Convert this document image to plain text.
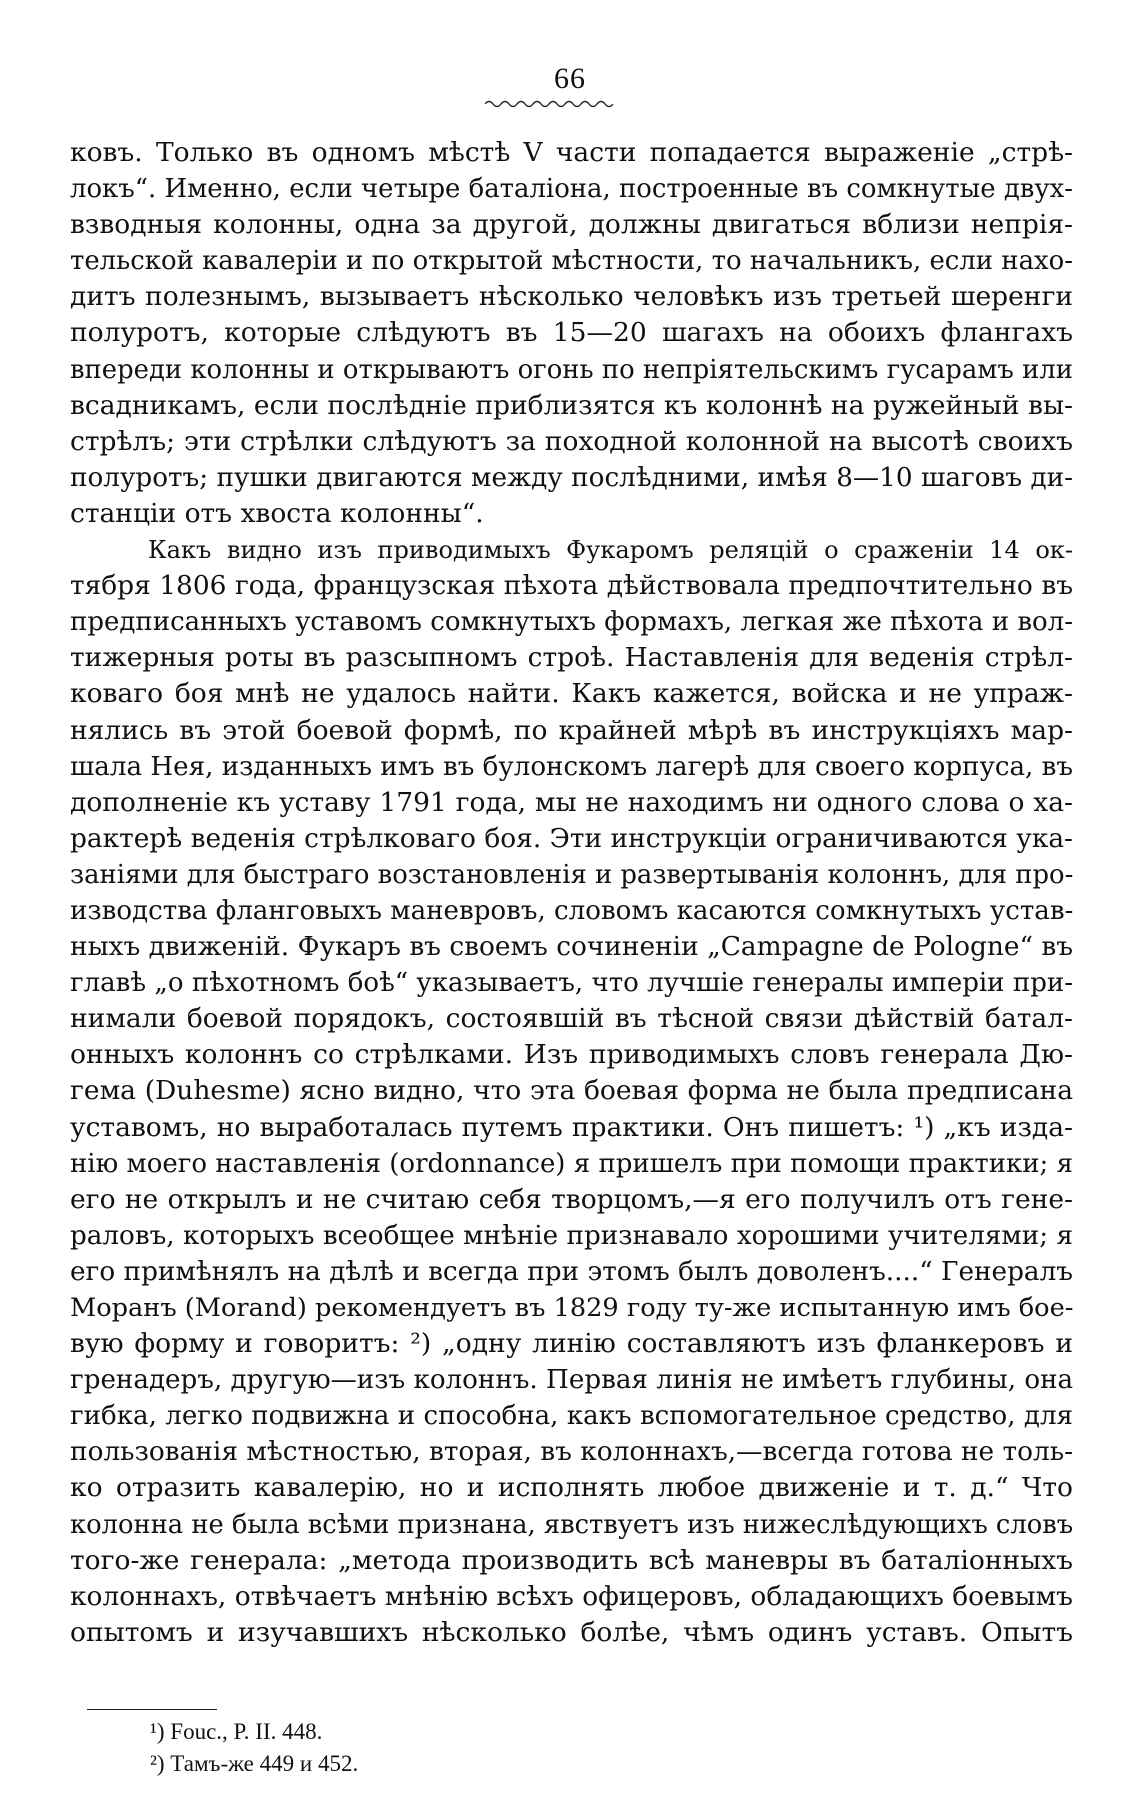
66
ковъ. Только въ одномъ мѣстѣ V части попадается выраженіе „стрѣ-
локъ“. Именно, если четыре баталіона, построенные въ сомкнутые двух-
взводныя колонны, одна за другой, должны двигаться вблизи непрія-
тельской кавалеріи и по открытой мѣстности, то начальникъ, если нахо-
дитъ полезнымъ, вызываетъ нѣсколько человѣкъ изъ третьей шеренги
полуротъ, которые слѣдуютъ въ 15—20 шагахъ на обоихъ флангахъ
впереди колонны и открываютъ огонь по непріятельскимъ гусарамъ или
всадникамъ, если послѣдніе приблизятся къ колоннѣ на ружейный вы-
стрѣлъ; эти стрѣлки слѣдуютъ за походной колонной на высотѣ своихъ
полуротъ; пушки двигаются между послѣдними, имѣя 8—10 шаговъ ди-
станціи отъ хвоста колонны“.
Какъ видно изъ приводимыхъ Фукаромъ реляцій о сраженіи 14 ок-
тября 1806 года, французская пѣхота дѣйствовала предпочтительно въ
предписанныхъ уставомъ сомкнутыхъ формахъ, легкая же пѣхота и вол-
тижерныя роты въ разсыпномъ строѣ. Наставленія для веденія стрѣл-
коваго боя мнѣ не удалось найти. Какъ кажется, войска и не упраж-
нялись въ этой боевой формѣ, по крайней мѣрѣ въ инструкціяхъ мар-
шала Нея, изданныхъ имъ въ булонскомъ лагерѣ для своего корпуса, въ
дополненіе къ уставу 1791 года, мы не находимъ ни одного слова о ха-
рактерѣ веденія стрѣлковаго боя. Эти инструкціи ограничиваются ука-
заніями для быстраго возстановленія и развертыванія колоннъ, для про-
изводства фланговыхъ маневровъ, словомъ касаются сомкнутыхъ устав-
ныхъ движеній. Фукаръ въ своемъ сочиненіи „Campagne de Pologne“ въ
главѣ „о пѣхотномъ боѣ“ указываетъ, что лучшіе генералы имперіи при-
нимали боевой порядокъ, состоявшій въ тѣсной связи дѣйствій батал-
онныхъ колоннъ со стрѣлками. Изъ приводимыхъ словъ генерала Дю-
гема (Duhesme) ясно видно, что эта боевая форма не была предписана
уставомъ, но выработалась путемъ практики. Онъ пишетъ: ¹) „къ изда-
нію моего наставленія (ordonnance) я пришелъ при помощи практики; я
его не открылъ и не считаю себя творцомъ,—я его получилъ отъ гене-
раловъ, которыхъ всеобщее мнѣніе признавало хорошими учителями; я
его примѣнялъ на дѣлѣ и всегда при этомъ былъ доволенъ....“ Генералъ
Моранъ (Morand) рекомендуетъ въ 1829 году ту-же испытанную имъ бое-
вую форму и говоритъ: ²) „одну линію составляютъ изъ фланкеровъ и
гренадеръ, другую—изъ колоннъ. Первая линія не имѣетъ глубины, она
гибка, легко подвижна и способна, какъ вспомогательное средство, для
пользованія мѣстностью, вторая, въ колоннахъ,—всегда готова не толь-
ко отразить кавалерію, но и исполнять любое движеніе и т. д.“ Что
колонна не была всѣми признана, явствуетъ изъ нижеслѣдующихъ словъ
того-же генерала: „метода производить всѣ маневры въ баталіонныхъ
колоннахъ, отвѣчаетъ мнѣнію всѣхъ офицеровъ, обладающихъ боевымъ
опытомъ и изучавшихъ нѣсколько болѣе, чѣмъ одинъ уставъ. Опытъ
¹) Fouc., P. II. 448.
²) Тамъ-же 449 и 452.
